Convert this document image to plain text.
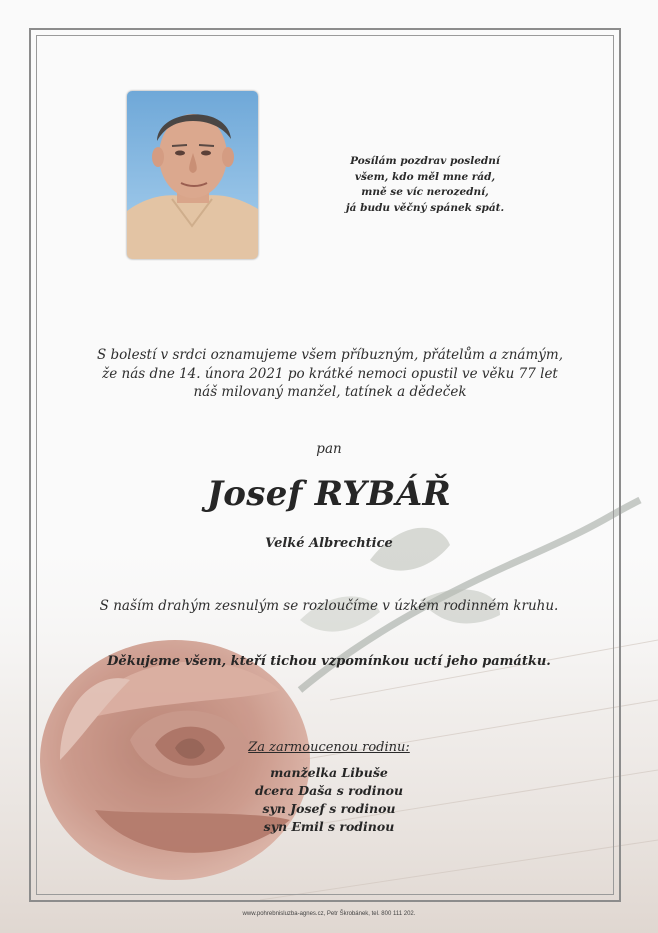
Posílám pozdrav poslední
všem, kdo měl mne rád,
mně se víc nerozední,
já budu věčný spánek spát.
S bolestí v srdci oznamujeme všem příbuzným, přátelům a známým,
že nás dne 14. února 2021 po krátké nemoci opustil ve věku 77 let
náš milovaný manžel, tatínek a dědeček
pan
Josef RYBÁŘ
Velké Albrechtice
S naším drahým zesnulým se rozloučíme v úzkém rodinném kruhu.
Děkujeme všem, kteří tichou vzpomínkou uctí jeho památku.
Za zarmoucenou rodinu:
manželka Libuše
dcera Daša s rodinou
syn Josef s rodinou
syn Emil s rodinou
www.pohrebnisluzba-agnes.cz, Petr Škrobánek, tel. 800 111 202.
